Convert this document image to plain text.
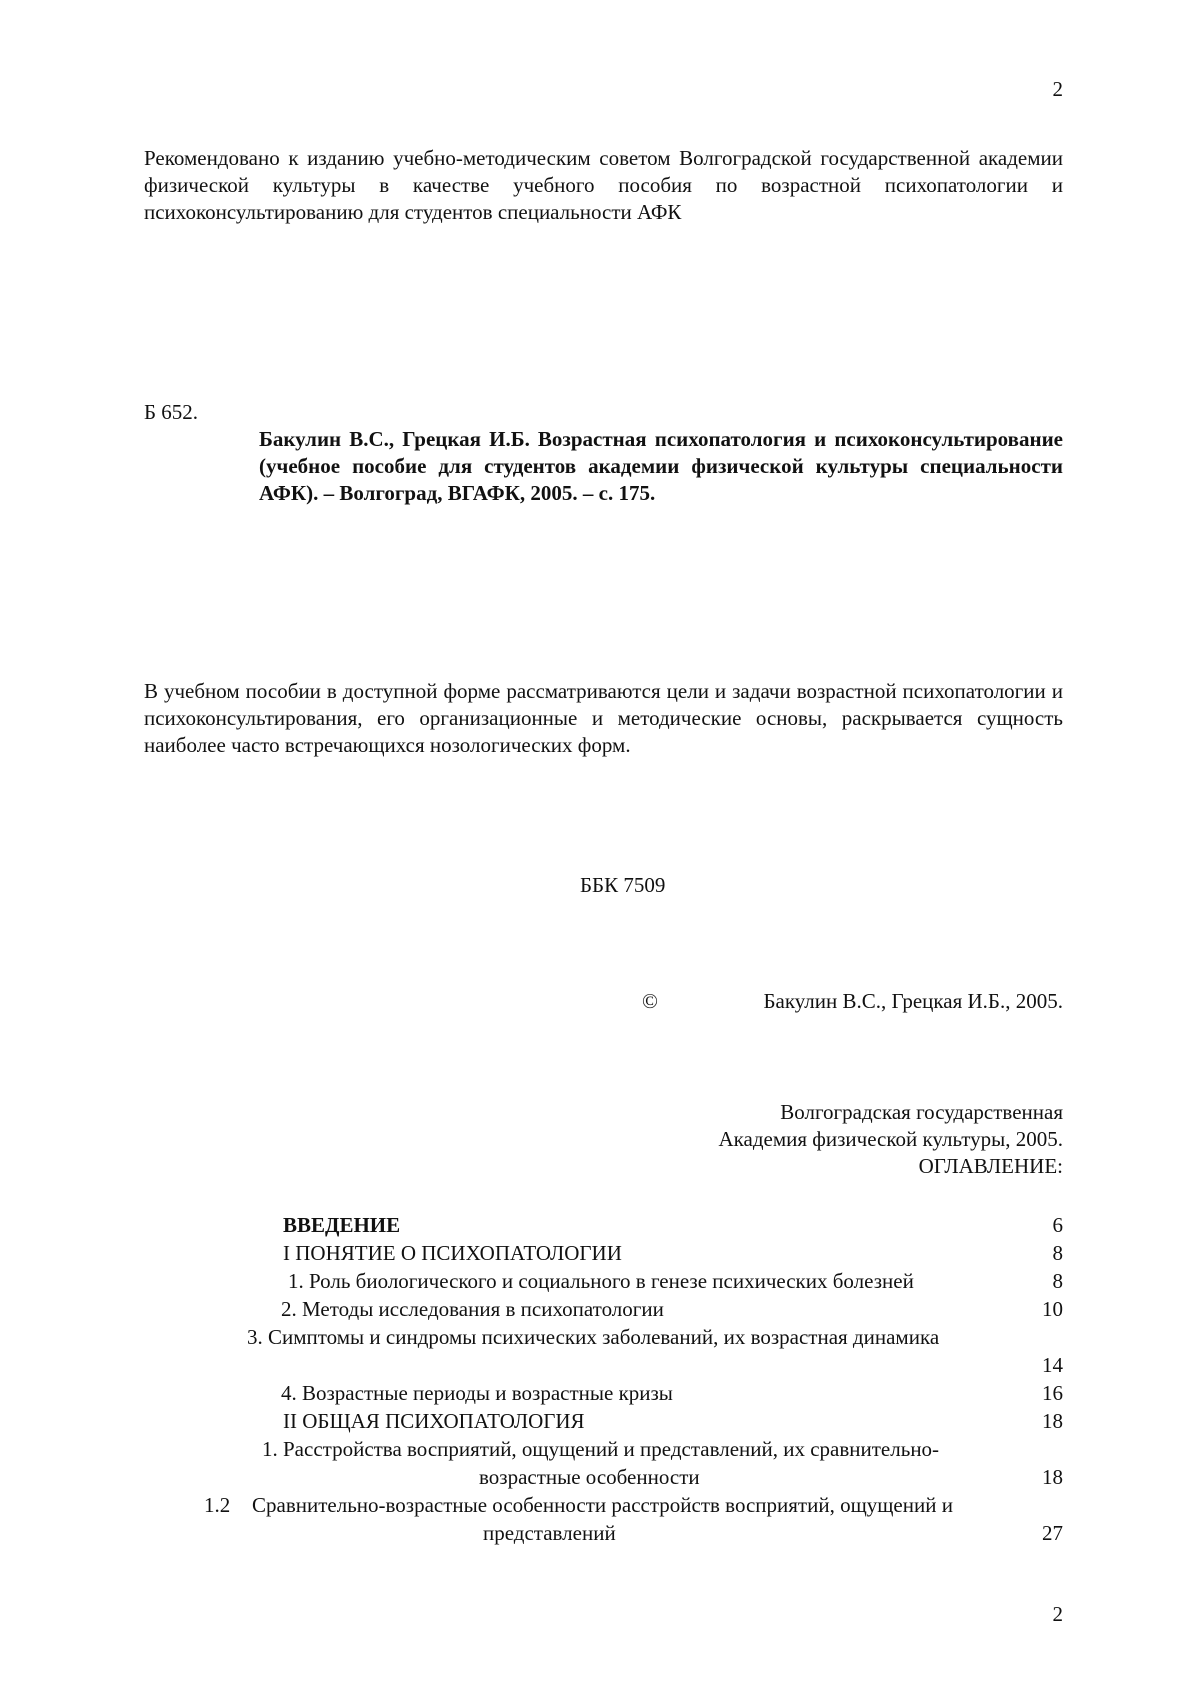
2
Рекомендовано к изданию учебно-методическим советом Волгоградской государственной академии физической культуры в качестве учебного пособия по возрастной психопатологии и психоконсультированию для студентов специальности АФК
Б 652.
Бакулин В.С., Грецкая И.Б. Возрастная психопатология и психоконсультирование (учебное пособие для студентов академии физической культуры специальности АФК). – Волгоград, ВГАФК, 2005. – с. 175.
В учебном пособии в доступной форме рассматриваются цели и задачи возрастной психопатологии и психоконсультирования, его организационные и методические основы, раскрывается сущность наиболее часто встречающихся нозологических форм.
ББК 7509
©	Бакулин В.С., Грецкая И.Б., 2005.
Волгоградская государственная
Академия физической культуры, 2005.
ОГЛАВЛЕНИЕ:
ВВЕДЕНИЕ	6
I ПОНЯТИЕ О ПСИХОПАТОЛОГИИ	8
1. Роль биологического и социального в генезе психических болезней	8
2. Методы исследования в психопатологии	10
3. Симптомы и синдромы психических заболеваний, их возрастная динамика
14
4. Возрастные периоды и возрастные кризы	16
II ОБЩАЯ ПСИХОПАТОЛОГИЯ	18
1. Расстройства восприятий, ощущений и представлений, их сравнительно-
возрастные особенности	18
1.2 Сравнительно-возрастные особенности расстройств восприятий, ощущений и
представлений	27
2
